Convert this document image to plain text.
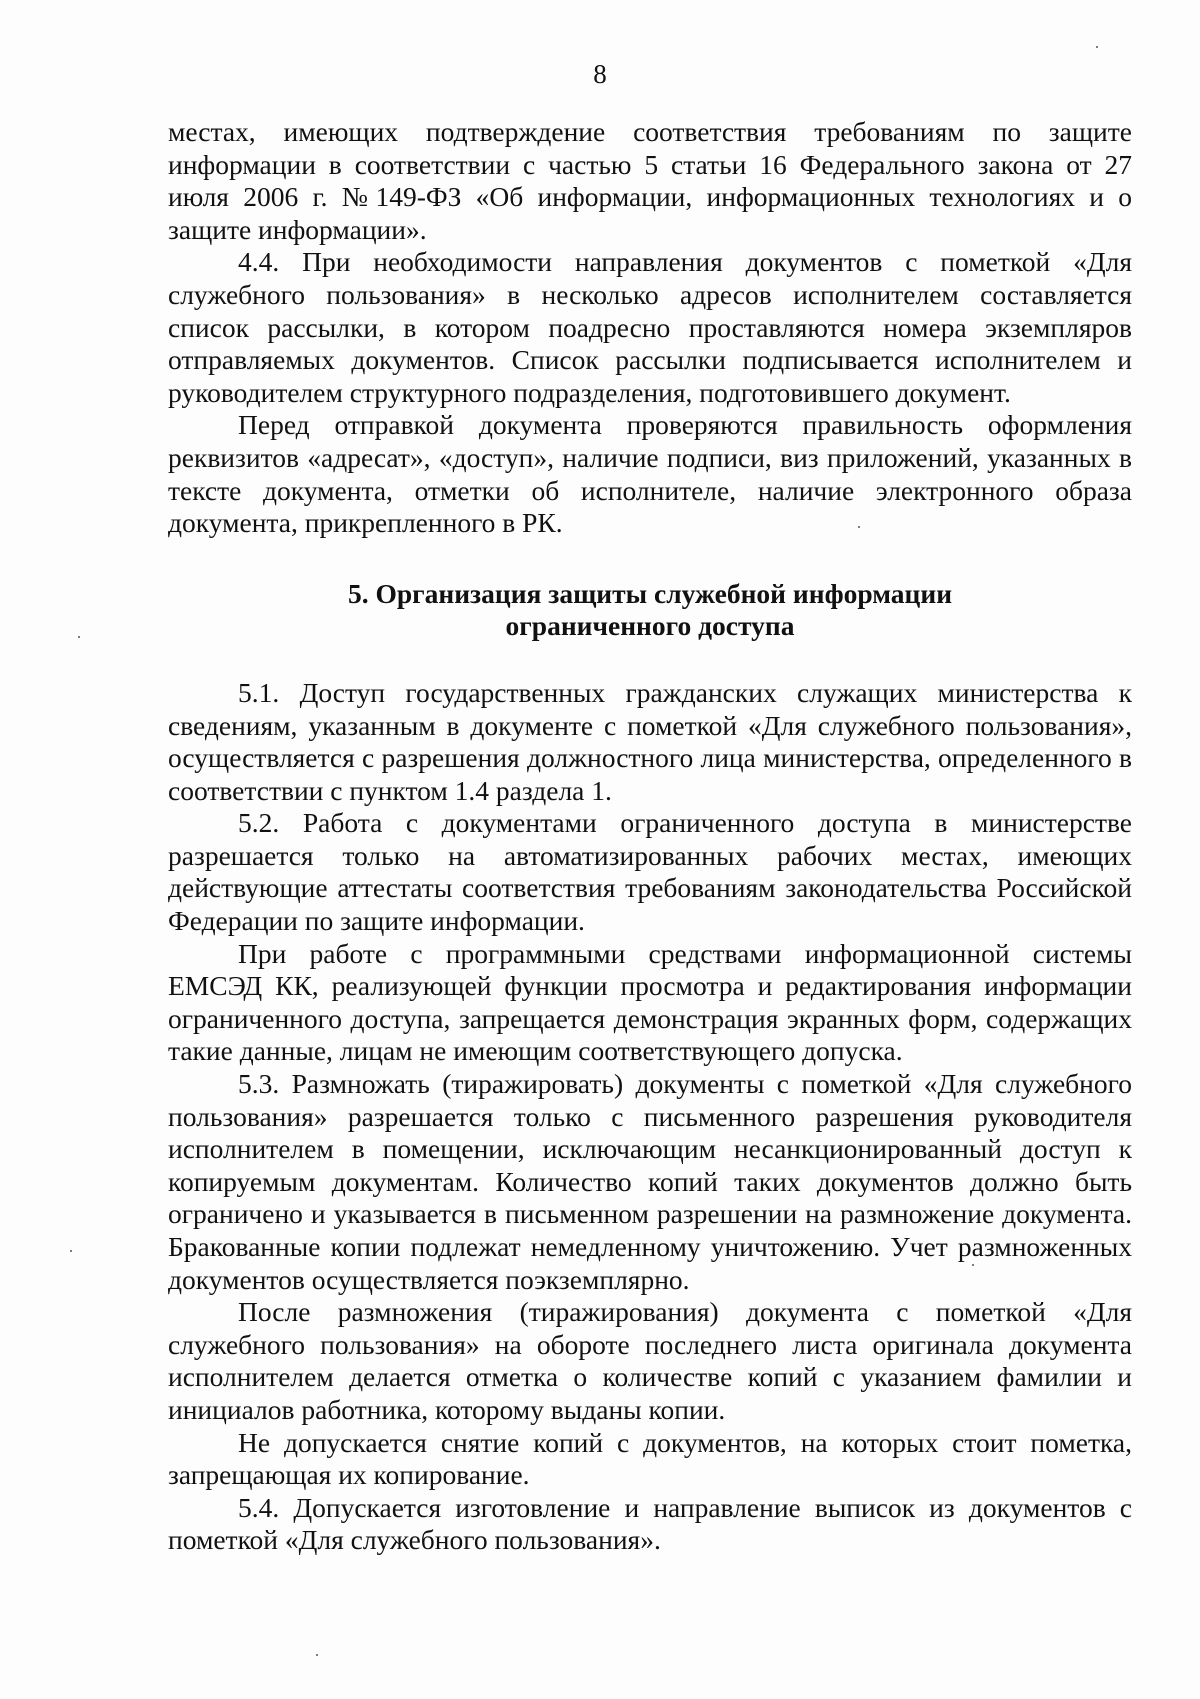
8

местах, имеющих подтверждение соответствия требованиям по защите информации в соответствии с частью 5 статьи 16 Федерального закона от 27 июля 2006 г. №149-ФЗ «Об информации, информационных технологиях и о защите информации».

4.4. При необходимости направления документов с пометкой «Для служебного пользования» в несколько адресов исполнителем составляется список рассылки, в котором поадресно проставляются номера экземпляров отправляемых документов. Список рассылки подписывается исполнителем и руководителем структурного подразделения, подготовившего документ.

Перед отправкой документа проверяются правильность оформления реквизитов «адресат», «доступ», наличие подписи, виз приложений, указанных в тексте документа, отметки об исполнителе, наличие электронного образа документа, прикрепленного в РК.

5. Организация защиты служебной информации
ограниченного доступа

5.1. Доступ государственных гражданских служащих министерства к сведениям, указанным в документе с пометкой «Для служебного пользования», осуществляется с разрешения должностного лица министерства, определенного в соответствии с пунктом 1.4 раздела 1.

5.2. Работа с документами ограниченного доступа в министерстве разрешается только на автоматизированных рабочих местах, имеющих действующие аттестаты соответствия требованиям законодательства Российской Федерации по защите информации.

При работе с программными средствами информационной системы ЕМСЭД КК, реализующей функции просмотра и редактирования информации ограниченного доступа, запрещается демонстрация экранных форм, содержащих такие данные, лицам не имеющим соответствующего допуска.

5.3. Размножать (тиражировать) документы с пометкой «Для служебного пользования» разрешается только с письменного разрешения руководителя исполнителем в помещении, исключающим несанкционированный доступ к копируемым документам. Количество копий таких документов должно быть ограничено и указывается в письменном разрешении на размножение документа. Бракованные копии подлежат немедленному уничтожению. Учет размноженных документов осуществляется поэкземплярно.

После размножения (тиражирования) документа с пометкой «Для служебного пользования» на обороте последнего листа оригинала документа исполнителем делается отметка о количестве копий с указанием фамилии и инициалов работника, которому выданы копии.

Не допускается снятие копий с документов, на которых стоит пометка, запрещающая их копирование.

5.4. Допускается изготовление и направление выписок из документов с пометкой «Для служебного пользования».
